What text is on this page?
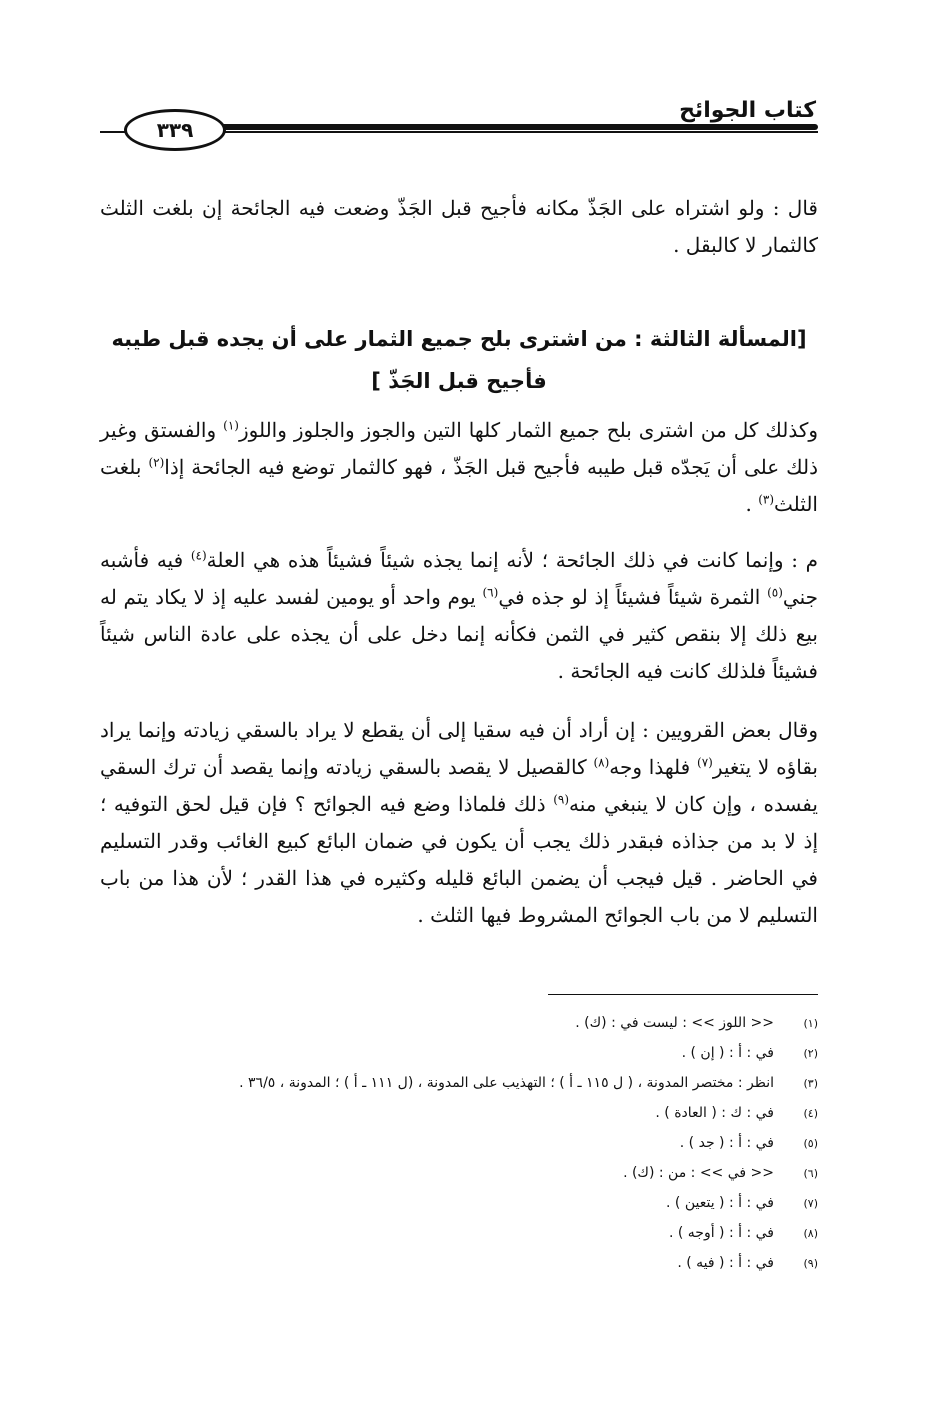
كتاب الجوائح
٣٣٩

قال : ولو اشتراه على الجَذّ مكانه فأجيح قبل الجَذّ وضعت فيه الجائحة إن بلغت الثلث كالثمار لا كالبقل .

[المسألة الثالثة : من اشترى بلح جميع الثمار على أن يجده قبل طيبه فأجيح قبل الجَذّ ]

وكذلك كل من اشترى بلح جميع الثمار كلها التين والجوز والجلوز واللوز$^{(١)}$ والفستق وغير ذلك على أن يَجدّه قبل طيبه فأجيح قبل الجَذّ ، فهو كالثمار توضع فيه الجائحة إذا$^{(٢)}$ بلغت الثلث$^{(٣)}$ .

م : وإنما كانت في ذلك الجائحة ؛ لأنه إنما يجذه شيئاً فشيئاً هذه هي العلة$^{(٤)}$ فيه فأشبه جني$^{(٥)}$ الثمرة شيئاً فشيئاً إذ لو جذه في$^{(٦)}$ يوم واحد أو يومين لفسد عليه إذ لا يكاد يتم له بيع ذلك إلا بنقص كثير في الثمن فكأنه إنما دخل على أن يجذه على عادة الناس شيئاً فشيئاً فلذلك كانت فيه الجائحة .

وقال بعض القرويين : إن أراد أن فيه سقيا إلى أن يقطع لا يراد بالسقي زيادته وإنما يراد بقاؤه لا يتغير$^{(٧)}$ فلهذا وجه$^{(٨)}$ كالقصيل لا يقصد بالسقي زيادته وإنما يقصد أن ترك السقي يفسده ، وإن كان لا ينبغي منه$^{(٩)}$ ذلك فلماذا وضع فيه الجوائح ؟ فإن قيل لحق التوفيه ؛ إذ لا بد من جذاذه فبقدر ذلك يجب أن يكون في ضمان البائع كبيع الغائب وقدر التسليم في الحاضر . قيل فيجب أن يضمن البائع قليله وكثيره في هذا القدر ؛ لأن هذا من باب التسليم لا من باب الجوائح المشروط فيها الثلث .

(١)
<< اللوز >> : ليست في : (ك) .
(٢)
في : أ : ( إن ) .
(٣)
انظر : مختصر المدونة ، ( ل ١١٥ ـ أ ) ؛ التهذيب على المدونة ، (ل ١١١ ـ أ ) ؛ المدونة ، ٣٦/٥ .
(٤)
في : ك : ( العادة ) .
(٥)
في : أ : ( جد ) .
(٦)
<< في >> : من : (ك) .
(٧)
في : أ : ( يتعين ) .
(٨)
في : أ : ( أوجه ) .
(٩)
في : أ : ( فيه ) .
